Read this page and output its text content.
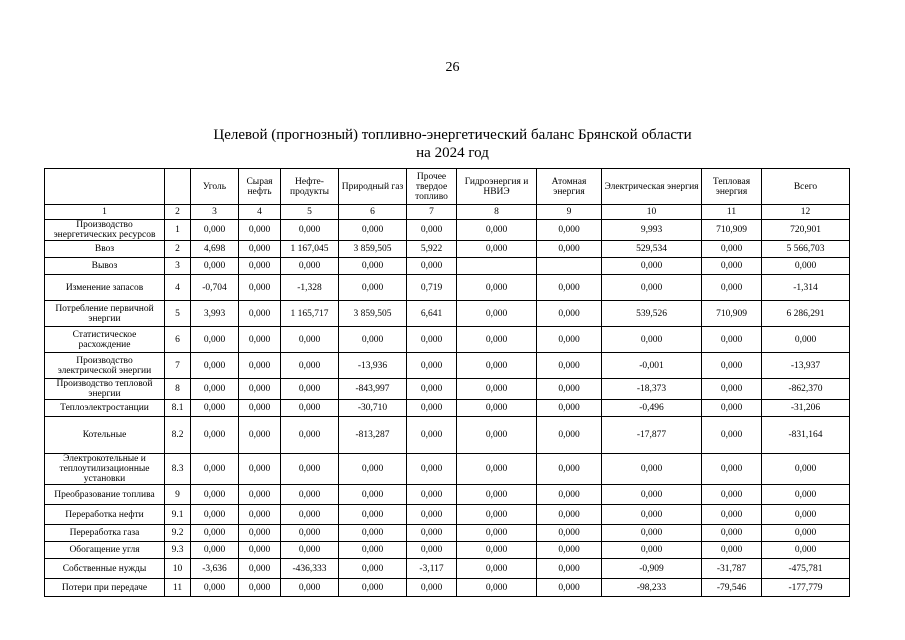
26
Целевой (прогнозный) топливно-энергетический баланс Брянской области
на 2024 год
		Уголь	Сырая нефть	Нефте-продукты	Природный газ	Прочее твердое топливо	Гидроэнергия и НВИЭ	Атомная энергия	Электрическая энергия	Тепловая энергия	Всего
1	2	3	4	5	6	7	8	9	10	11	12
Производство энергетических ресурсов	1	0,000	0,000	0,000	0,000	0,000	0,000	0,000	9,993	710,909	720,901
Ввоз	2	4,698	0,000	1 167,045	3 859,505	5,922	0,000	0,000	529,534	0,000	5 566,703
Вывоз	3	0,000	0,000	0,000	0,000	0,000			0,000	0,000	0,000
Изменение запасов	4	-0,704	0,000	-1,328	0,000	0,719	0,000	0,000	0,000	0,000	-1,314
Потребление первичной энергии	5	3,993	0,000	1 165,717	3 859,505	6,641	0,000	0,000	539,526	710,909	6 286,291
Статистическое расхождение	6	0,000	0,000	0,000	0,000	0,000	0,000	0,000	0,000	0,000	0,000
Производство электрической энергии	7	0,000	0,000	0,000	-13,936	0,000	0,000	0,000	-0,001	0,000	-13,937
Производство тепловой энергии	8	0,000	0,000	0,000	-843,997	0,000	0,000	0,000	-18,373	0,000	-862,370
Теплоэлектростанции	8.1	0,000	0,000	0,000	-30,710	0,000	0,000	0,000	-0,496	0,000	-31,206
Котельные	8.2	0,000	0,000	0,000	-813,287	0,000	0,000	0,000	-17,877	0,000	-831,164
Электрокотельные и теплоутилизационные установки	8.3	0,000	0,000	0,000	0,000	0,000	0,000	0,000	0,000	0,000	0,000
Преобразование топлива	9	0,000	0,000	0,000	0,000	0,000	0,000	0,000	0,000	0,000	0,000
Переработка нефти	9.1	0,000	0,000	0,000	0,000	0,000	0,000	0,000	0,000	0,000	0,000
Переработка газа	9.2	0,000	0,000	0,000	0,000	0,000	0,000	0,000	0,000	0,000	0,000
Обогащение угля	9.3	0,000	0,000	0,000	0,000	0,000	0,000	0,000	0,000	0,000	0,000
Собственные нужды	10	-3,636	0,000	-436,333	0,000	-3,117	0,000	0,000	-0,909	-31,787	-475,781
Потери при передаче	11	0,000	0,000	0,000	0,000	0,000	0,000	0,000	-98,233	-79,546	-177,779
